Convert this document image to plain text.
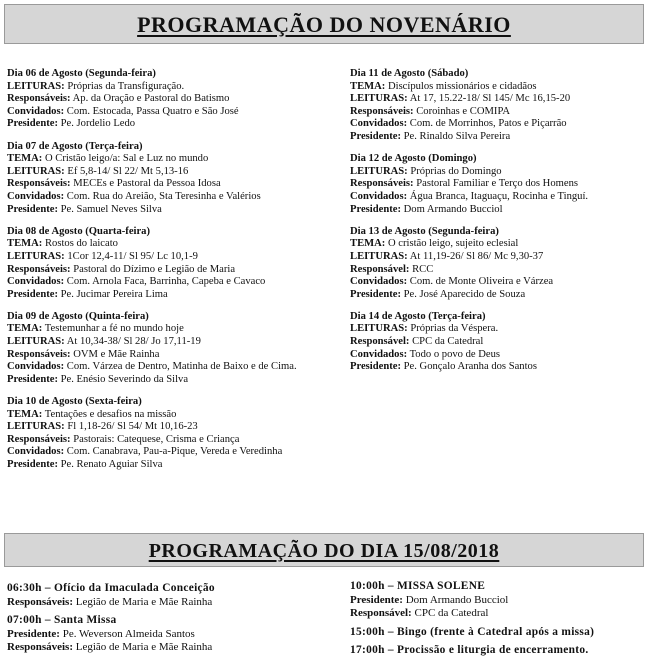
PROGRAMAÇÃO DO NOVENÁRIO
Dia 06 de Agosto (Segunda-feira)
LEITURAS: Próprias da Transfiguração.
Responsáveis: Ap. da Oração e Pastoral do Batismo
Convidados: Com. Estocada, Passa Quatro e São José
Presidente: Pe. Jordelio Ledo
Dia 07 de Agosto (Terça-feira)
TEMA: O Cristão leigo/a: Sal e Luz no mundo
LEITURAS: Ef 5,8-14/ Sl 22/ Mt 5,13-16
Responsáveis: MECEs e Pastoral da Pessoa Idosa
Convidados: Com. Rua do Areião, Sta Teresinha e Valérios
Presidente: Pe. Samuel Neves Silva
Dia 08 de Agosto (Quarta-feira)
TEMA: Rostos do laicato
LEITURAS: 1Cor 12,4-11/ Sl 95/ Lc 10,1-9
Responsáveis: Pastoral do Dízimo e Legião de Maria
Convidados: Com. Arnola Faca, Barrinha, Capeba e Cavaco
Presidente: Pe. Jucimar Pereira Lima
Dia 09 de Agosto (Quinta-feira)
TEMA: Testemunhar a fé no mundo hoje
LEITURAS: At 10,34-38/ Sl 28/ Jo 17,11-19
Responsáveis: OVM e Mãe Rainha
Convidados: Com. Várzea de Dentro, Matinha de Baixo e de Cima.
Presidente: Pe. Enésio Severindo da Silva
Dia 10 de Agosto (Sexta-feira)
TEMA: Tentações e desafios na missão
LEITURAS: Fl 1,18-26/ Sl 54/ Mt 10,16-23
Responsáveis: Pastorais: Catequese, Crisma e Criança
Convidados: Com. Canabrava, Pau-a-Pique, Vereda e Veredinha
Presidente: Pe. Renato Aguiar Silva
Dia 11 de Agosto (Sábado)
TEMA: Discípulos missionários e cidadãos
LEITURAS: At 17, 15.22-18/ Sl 145/ Mc 16,15-20
Responsáveis: Coroinhas e COMIPA
Convidados: Com. de Morrinhos, Patos e Piçarrão
Presidente: Pe. Rinaldo Silva Pereira
Dia 12 de Agosto (Domingo)
LEITURAS: Próprias do Domingo
Responsáveis: Pastoral Familiar e Terço dos Homens
Convidados: Água Branca, Itaguaçu, Rocinha e Tinguí.
Presidente: Dom Armando Bucciol
Dia 13 de Agosto (Segunda-feira)
TEMA: O cristão leigo, sujeito eclesial
LEITURAS: At 11,19-26/ Sl 86/ Mc 9,30-37
Responsável: RCC
Convidados: Com. de Monte Oliveira e Várzea
Presidente: Pe. José Aparecido de Souza
Dia 14 de Agosto (Terça-feira)
LEITURAS: Próprias da Véspera.
Responsável: CPC da Catedral
Convidados: Todo o povo de Deus
Presidente: Pe. Gonçalo Aranha dos Santos
PROGRAMAÇÃO DO DIA 15/08/2018
06:30h – Ofício da Imaculada Conceição
Responsáveis: Legião de Maria e Mãe Rainha
07:00h – Santa Missa
Presidente: Pe. Weverson Almeida Santos
Responsáveis: Legião de Maria e Mãe Rainha
10:00h – MISSA SOLENE
Presidente: Dom Armando Bucciol
Responsável: CPC da Catedral
15:00h – Bingo (frente à Catedral após a missa)
17:00h – Procissão e liturgia de encerramento.
